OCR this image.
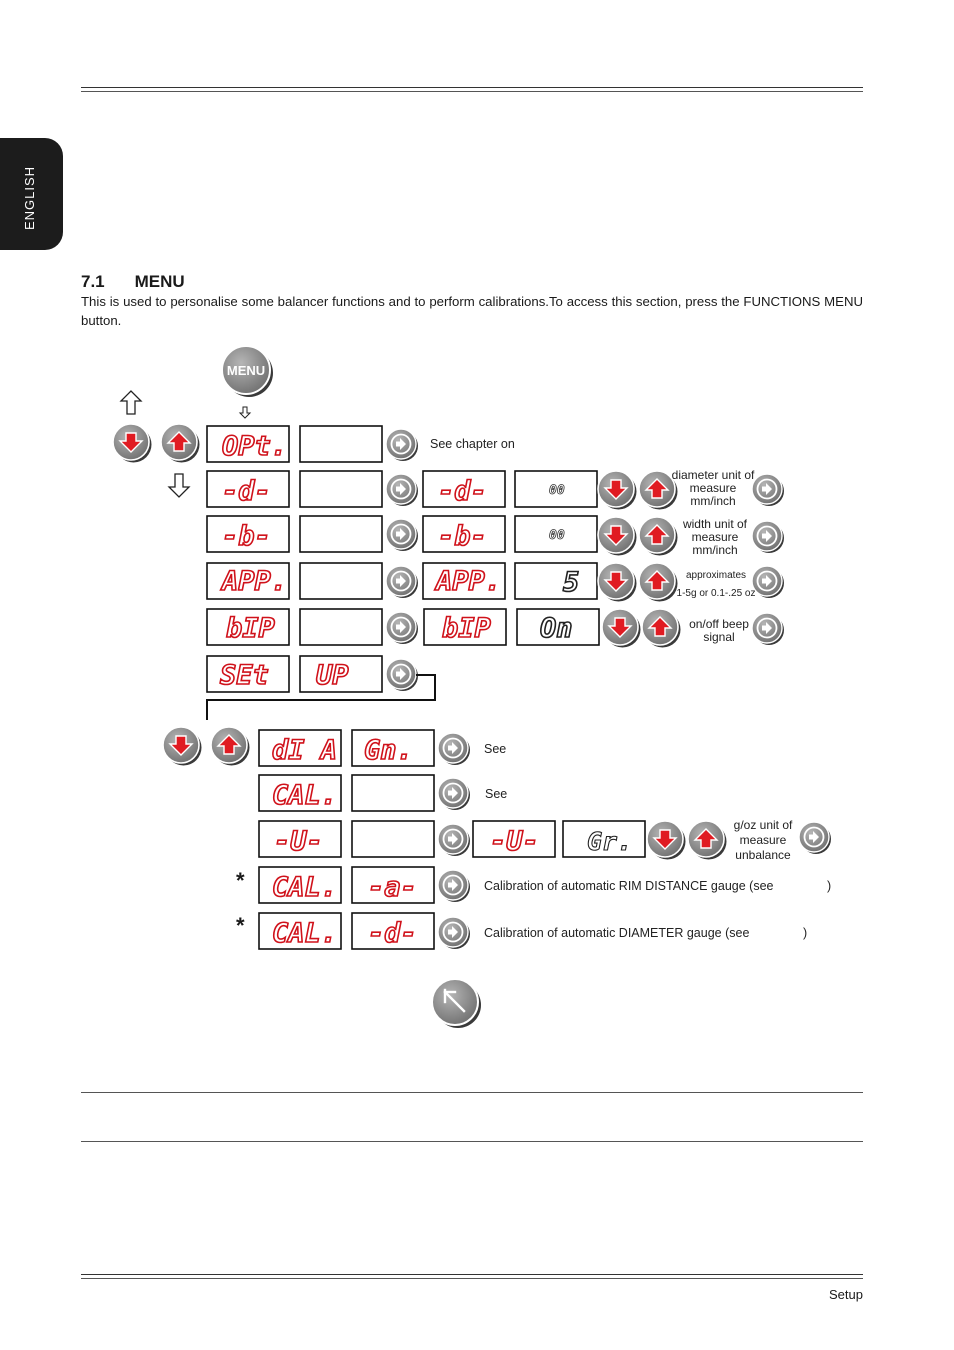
ENGLISH
7.1 MENU
This is used to personalise some balancer functions and to perform calibrations.To access this section, press the FUNCTIONS MENU button.
MENU
OPt.
-d-
-b-
APP.
bIP
SEt UP
-d-	00
-b-	00
APP. 5
bIP On
dI A Gn.
CAL.
-U-	-U- Gr.
CAL. -a-
CAL. -d-
See chapter on
diameter unit of
measure
mm/inch
width unit of
measure
mm/inch
approximates
1-5g or 0.1-.25 oz
on/off beep
signal
See
See
g/oz unit of
measure
unbalance
*
*
Calibration of automatic RIM DISTANCE gauge (see	)
Calibration of automatic DIAMETER gauge (see	)
Setup
